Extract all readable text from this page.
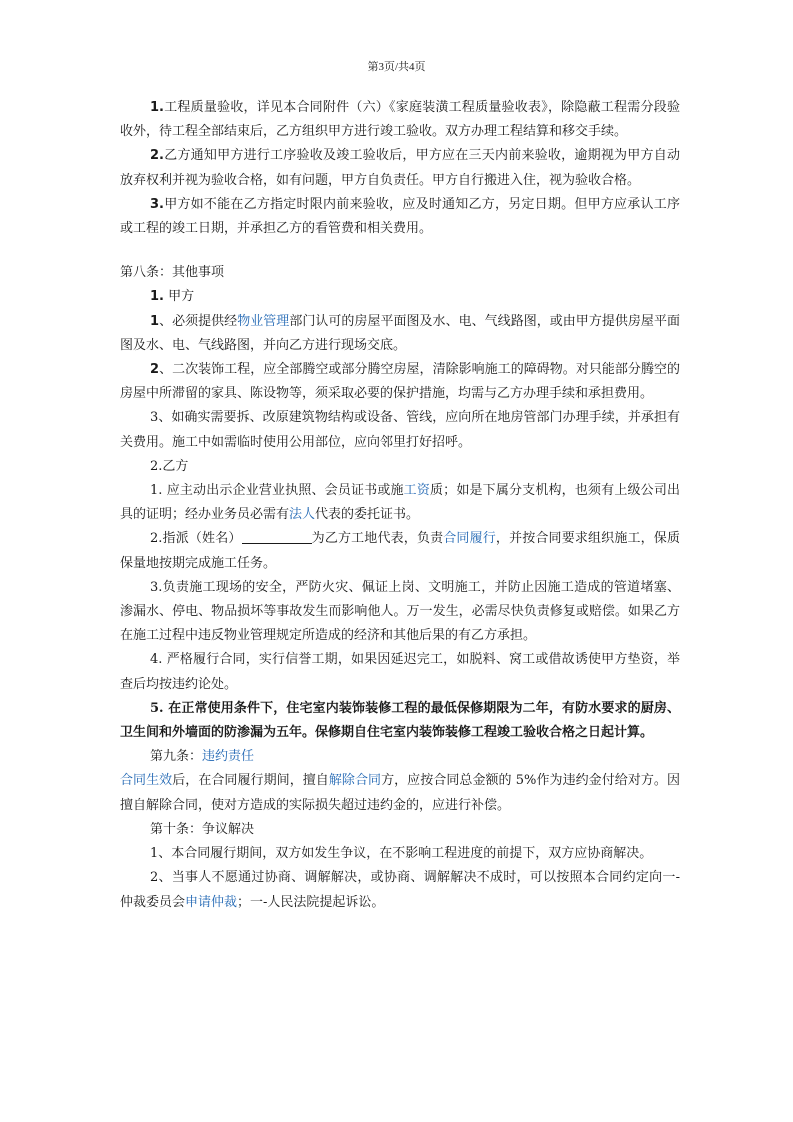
第3页/共4页

1.工程质量验收，详见本合同附件（六）《家庭装潢工程质量验收表》，除隐蔽工程需分段验收外，待工程全部结束后，乙方组织甲方进行竣工验收。双方办理工程结算和移交手续。

2.乙方通知甲方进行工序验收及竣工验收后，甲方应在三天内前来验收，逾期视为甲方自动放弃权利并视为验收合格，如有问题，甲方自负责任。甲方自行搬进入住，视为验收合格。

3.甲方如不能在乙方指定时限内前来验收，应及时通知乙方，另定日期。但甲方应承认工序或工程的竣工日期，并承担乙方的看管费和相关费用。

第八条：其他事项

1. 甲方

1、必须提供经物业管理部门认可的房屋平面图及水、电、气线路图，或由甲方提供房屋平面图及水、电、气线路图，并向乙方进行现场交底。

2、二次装饰工程，应全部腾空或部分腾空房屋，清除影响施工的障碍物。对只能部分腾空的房屋中所滞留的家具、陈设物等，须采取必要的保护措施，均需与乙方办理手续和承担费用。

3、如确实需要拆、改原建筑物结构或设备、管线，应向所在地房管部门办理手续，并承担有关费用。施工中如需临时使用公用部位，应向邻里打好招呼。

2.乙方

1. 应主动出示企业营业执照、会员证书或施工资质；如是下属分支机构，也须有上级公司出具的证明；经办业务员必需有法人代表的委托证书。

2.指派（姓名）	为乙方工地代表，负责合同履行，并按合同要求组织施工，保质保量地按期完成施工任务。

3.负责施工现场的安全，严防火灾、佩证上岗、文明施工，并防止因施工造成的管道堵塞、渗漏水、停电、物品损坏等事故发生而影响他人。万一发生，必需尽快负责修复或赔偿。如果乙方在施工过程中违反物业管理规定所造成的经济和其他后果的有乙方承担。

4. 严格履行合同，实行信誉工期，如果因延迟完工，如脱料、窝工或借故诱使甲方垫资，举查后均按违约论处。

5. 在正常使用条件下，住宅室内装饰装修工程的最低保修期限为二年，有防水要求的厨房、卫生间和外墙面的防渗漏为五年。保修期自住宅室内装饰装修工程竣工验收合格之日起计算。

第九条：违约责任

合同生效后，在合同履行期间，擅自解除合同方，应按合同总金额的 5%作为违约金付给对方。因擅自解除合同，使对方造成的实际损失超过违约金的，应进行补偿。

第十条：争议解决

1、本合同履行期间，双方如发生争议，在不影响工程进度的前提下，双方应协商解决。

2、当事人不愿通过协商、调解解决，或协商、调解解决不成时，可以按照本合同约定向一-仲裁委员会申请仲裁；一-人民法院提起诉讼。
